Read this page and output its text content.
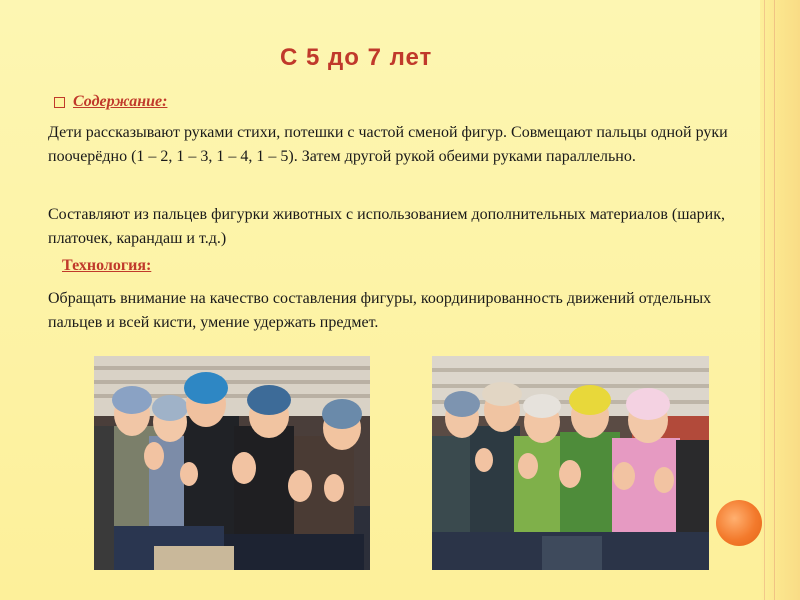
С 5 до 7 лет
Содержание:
Дети рассказывают руками стихи, потешки с частой сменой фигур. Совмещают пальцы одной руки поочерёдно (1 – 2, 1 – 3, 1 – 4, 1 – 5). Затем другой рукой обеими руками параллельно.
Составляют из пальцев фигурки животных с использованием дополнительных материалов (шарик, платочек, карандаш и т.д.)
Технология:
Обращать внимание на качество составления фигуры, координированность движений отдельных пальцев и всей кисти, умение удержать предмет.
